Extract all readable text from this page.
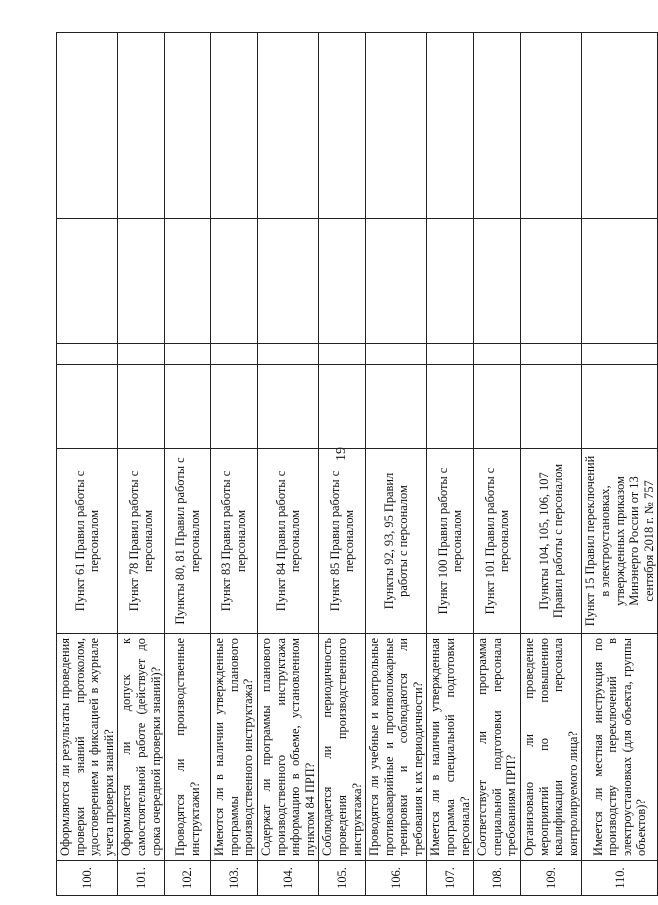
19
100.	Оформляются ли результаты проведения проверки знаний протоколом, удостоверением и фиксацией в журнале учета проверки знаний?	Пункт 61 Правил работы с персоналом				
101.	Оформляется ли допуск к самостоятельной работе (действует до срока очередной проверки знаний)?	Пункт 78 Правил работы с персоналом				
102.	Проводятся ли производственные инструктажи?	Пункты 80, 81 Правил работы с персоналом				
103.	Имеются ли в наличии утвержденные программы планового производственного инструктажа?	Пункт 83 Правил работы с персоналом				
104.	Содержат ли программы планового производственного инструктажа информацию в объеме, установленном пунктом 84 ПРП?	Пункт 84 Правил работы с персоналом				
105.	Соблюдается ли периодичность проведения производственного инструктажа?	Пункт 85 Правил работы с персоналом				
106.	Проводятся ли учебные и контрольные противоаварийные и противопожарные тренировки и соблюдаются ли требования к их периодичности?	Пункты 92, 93, 95 Правил работы с персоналом				
107.	Имеется ли в наличии утвержденная программа специальной подготовки персонала?	Пункт 100 Правил работы с персоналом				
108.	Соответствует ли программа специальной подготовки персонала требованиям ПРП?	Пункт 101 Правил работы с персоналом				
109.	Организовано ли проведение мероприятий по повышению квалификации персонала контролируемого лица?	Пункты 104, 105, 106, 107 Правил работы с персоналом				
110.	Имеется ли местная инструкция по производству переключений в электроустановках (для объекта, группы объектов)?	Пункт 15 Правил переключений в электроустановках, утвержденных приказом Минэнерго России от 13 сентября 2018 г. № 757				
